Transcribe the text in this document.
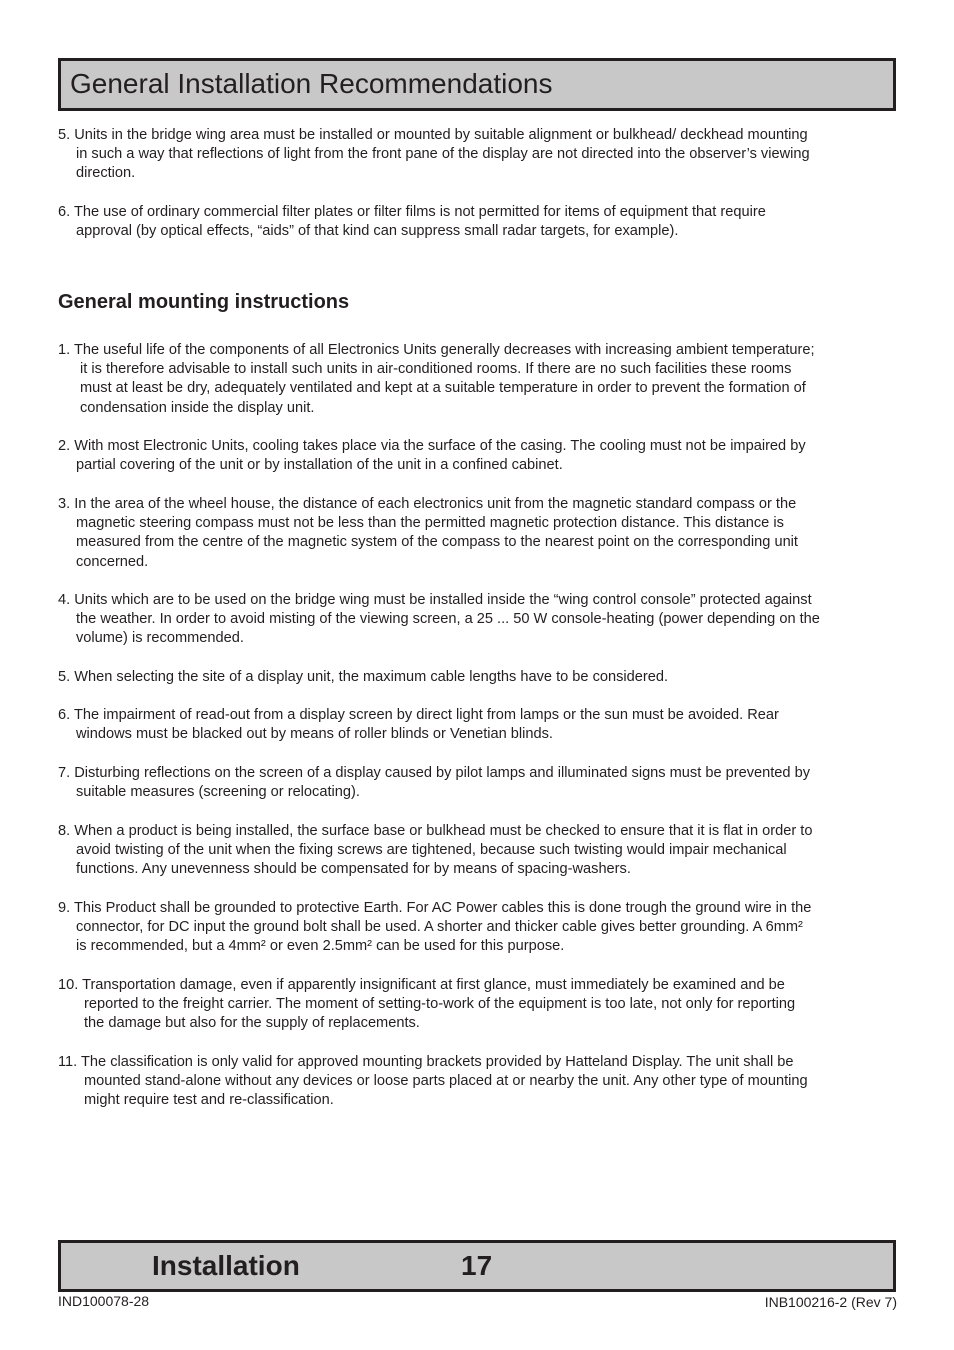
General Installation Recommendations
5. Units in the bridge wing area must be installed or mounted by suitable alignment or bulkhead/ deckhead mounting
in such a way that reflections of light from the front pane of the display are not directed into the observer’s viewing
direction.
6. The use of ordinary commercial filter plates or filter films is not permitted for items of equipment that require
approval (by optical effects, “aids” of that kind can suppress small radar targets, for example).
General mounting instructions
1. The useful life of the components of all Electronics Units generally decreases with increasing ambient temperature;
it is therefore advisable to install such units in air-conditioned rooms. If there are no such facilities these rooms
must at least be dry, adequately ventilated and kept at a suitable temperature in order to prevent the formation of
condensation inside the display unit.
2. With most Electronic Units, cooling takes place via the surface of the casing. The cooling must not be impaired by
partial covering of the unit or by installation of the unit in a confined cabinet.
3. In the area of the wheel house, the distance of each electronics unit from the magnetic standard compass or the
magnetic steering compass must not be less than the permitted magnetic protection distance. This distance is
measured from the centre of the magnetic system of the compass to the nearest point on the corresponding unit
concerned.
4. Units which are to be used on the bridge wing must be installed inside the “wing control console” protected against
the weather. In order to avoid misting of the viewing screen, a 25 ... 50 W console-heating (power depending on the
volume) is recommended.
5. When selecting the site of a display unit, the maximum cable lengths have to be considered.
6. The impairment of read-out from a display screen by direct light from lamps or the sun must be avoided. Rear
windows must be blacked out by means of roller blinds or Venetian blinds.
7. Disturbing reflections on the screen of a display caused by pilot lamps and illuminated signs must be prevented by
suitable measures (screening or relocating).
8. When a product is being installed, the surface base or bulkhead must be checked to ensure that it is flat in order to
avoid twisting of the unit when the fixing screws are tightened, because such twisting would impair mechanical
functions. Any unevenness should be compensated for by means of spacing-washers.
9. This Product shall be grounded to protective Earth. For AC Power cables this is done trough the ground wire in the
connector, for DC input the ground bolt shall be used. A shorter and thicker cable gives better grounding. A 6mm²
is recommended, but a 4mm² or even 2.5mm² can be used for this purpose.
10. Transportation damage, even if apparently insignificant at first glance, must immediately be examined and be
reported to the freight carrier. The moment of setting-to-work of the equipment is too late, not only for reporting
the damage but also for the supply of replacements.
11. The classification is only valid for approved mounting brackets provided by Hatteland Display. The unit shall be
mounted stand-alone without any devices or loose parts placed at or nearby the unit. Any other type of mounting
might require test and re-classification.
Installation	17
IND100078-28	INB100216-2 (Rev 7)
